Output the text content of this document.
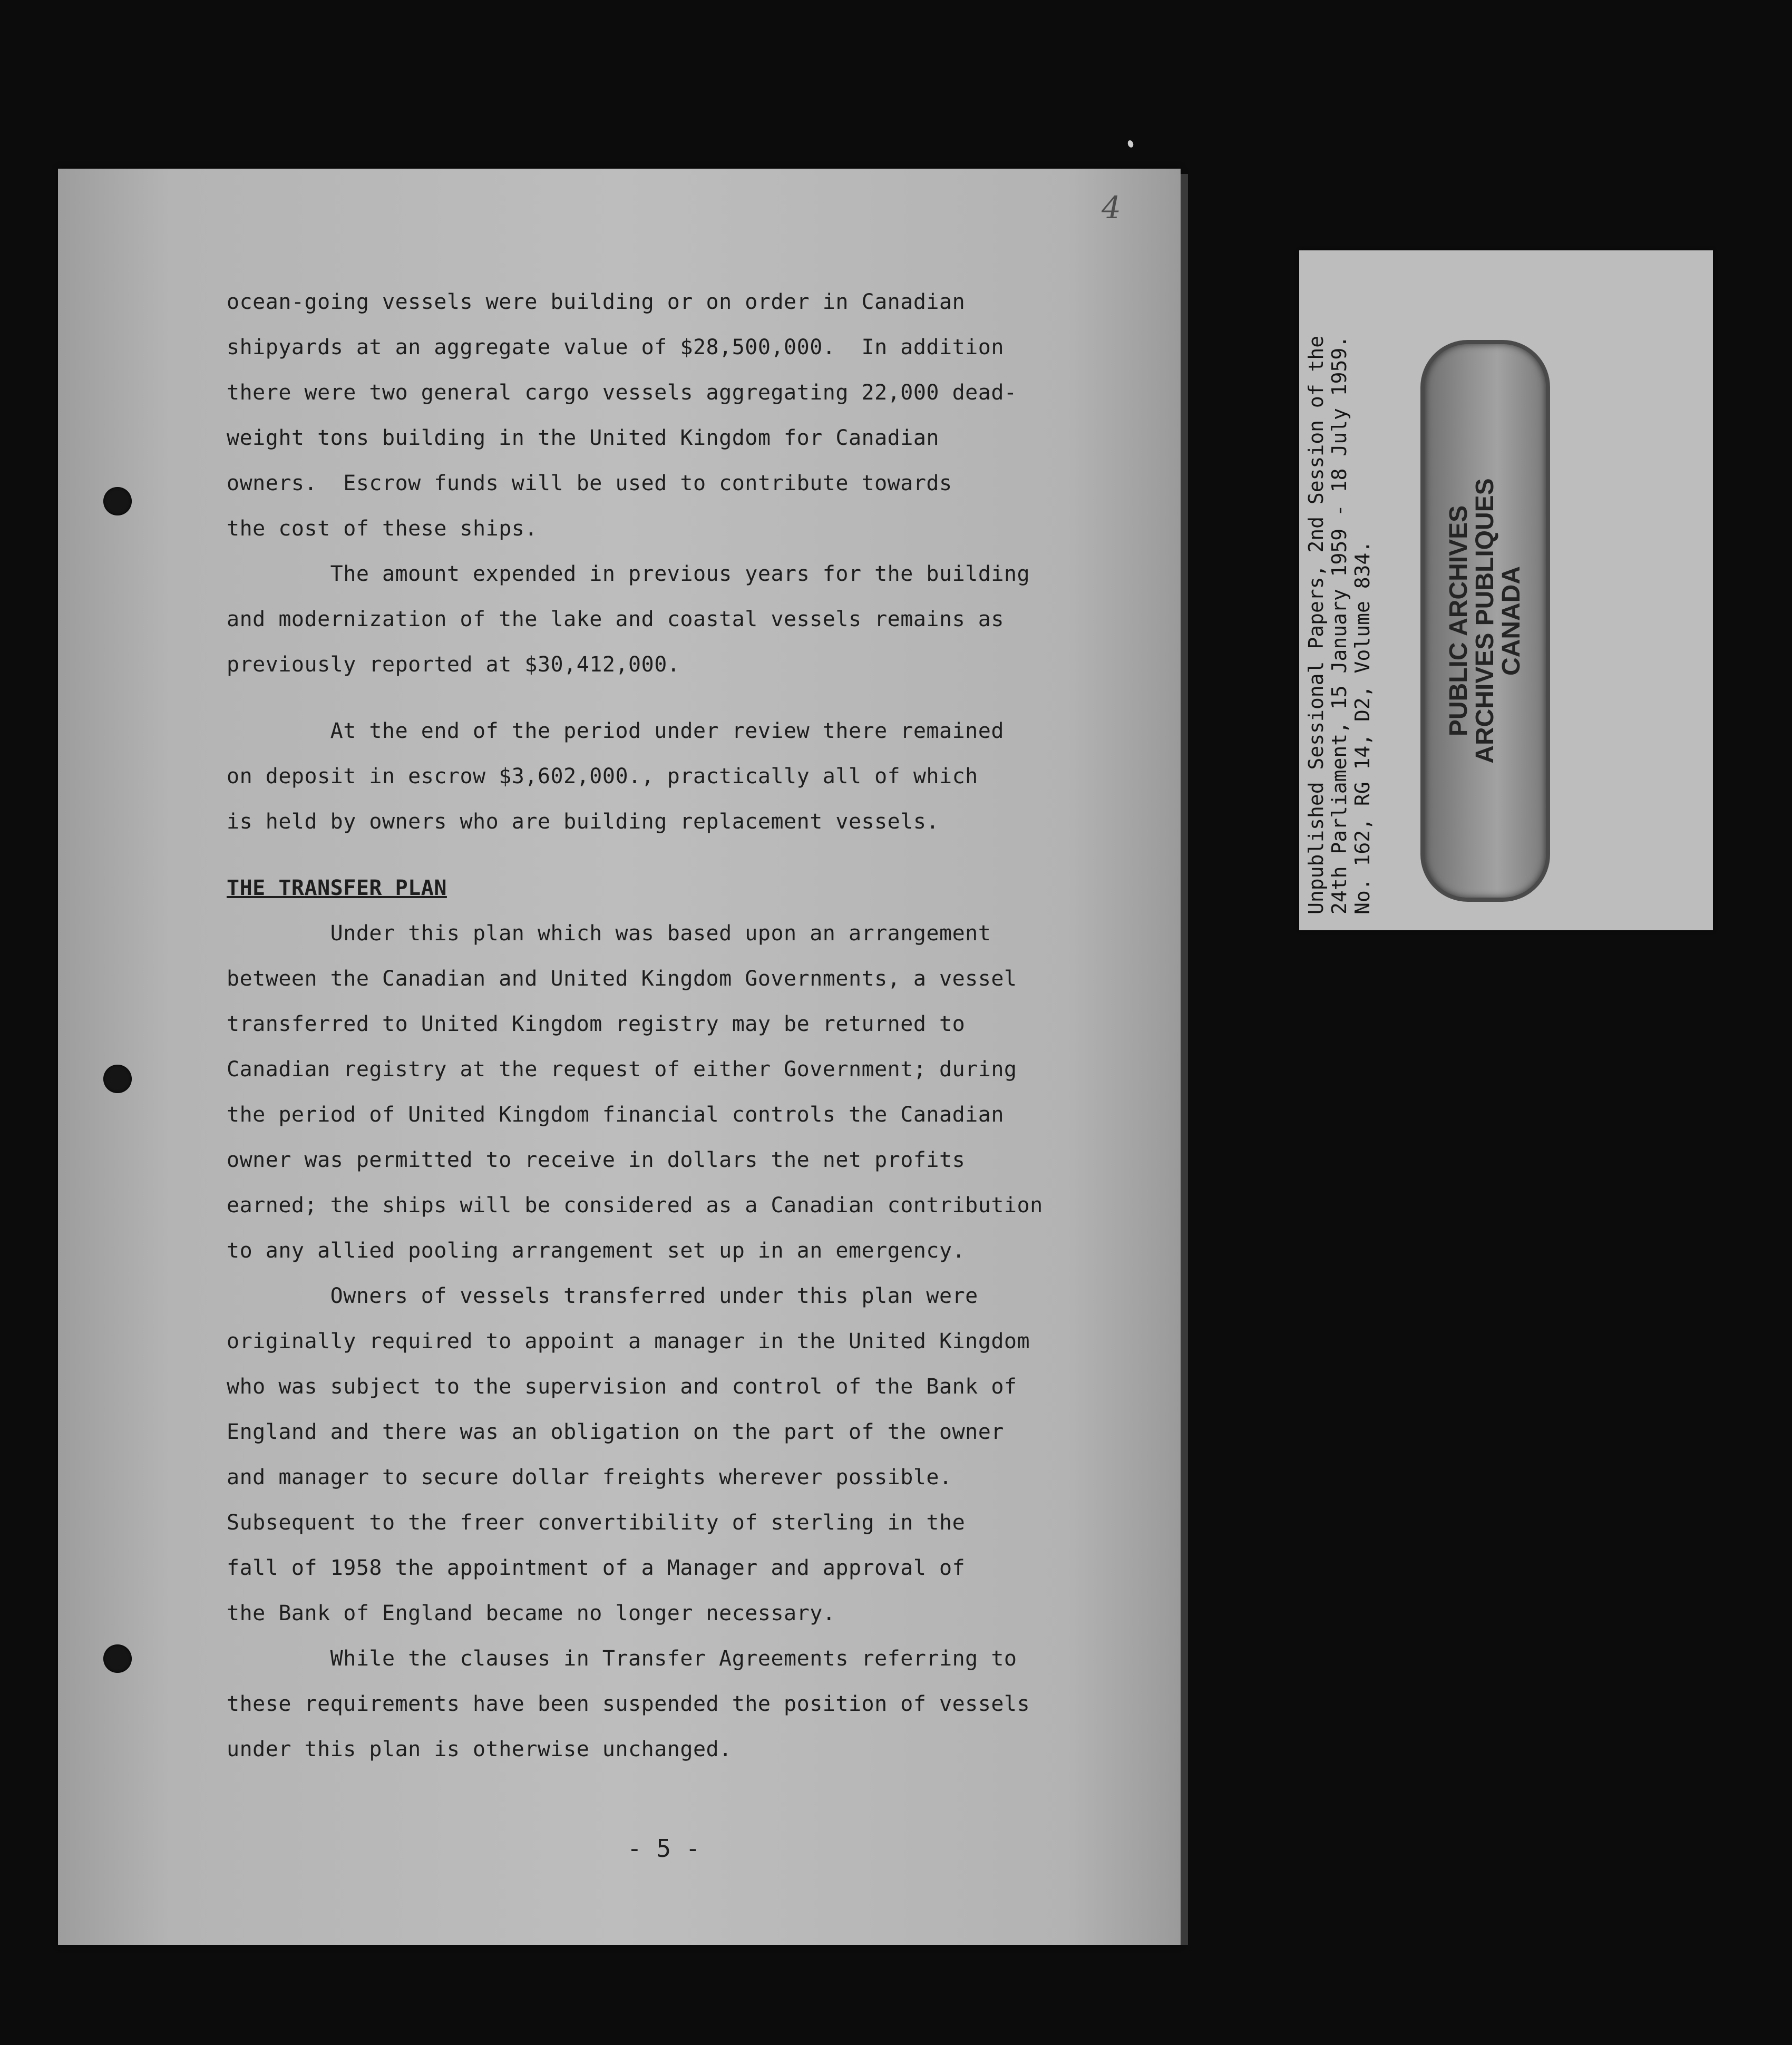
4
ocean-going vessels were building or on order in Canadian
shipyards at an aggregate value of $28,500,000.  In addition
there were two general cargo vessels aggregating 22,000 dead-
weight tons building in the United Kingdom for Canadian
owners.  Escrow funds will be used to contribute towards
the cost of these ships.
The amount expended in previous years for the building
and modernization of the lake and coastal vessels remains as
previously reported at $30,412,000.
At the end of the period under review there remained
on deposit in escrow $3,602,000., practically all of which
is held by owners who are building replacement vessels.
THE TRANSFER PLAN
Under this plan which was based upon an arrangement
between the Canadian and United Kingdom Governments, a vessel
transferred to United Kingdom registry may be returned to
Canadian registry at the request of either Government; during
the period of United Kingdom financial controls the Canadian
owner was permitted to receive in dollars the net profits
earned; the ships will be considered as a Canadian contribution
to any allied pooling arrangement set up in an emergency.
Owners of vessels transferred under this plan were
originally required to appoint a manager in the United Kingdom
who was subject to the supervision and control of the Bank of
England and there was an obligation on the part of the owner
and manager to secure dollar freights wherever possible.
Subsequent to the freer convertibility of sterling in the
fall of 1958 the appointment of a Manager and approval of
the Bank of England became no longer necessary.
While the clauses in Transfer Agreements referring to
these requirements have been suspended the position of vessels
under this plan is otherwise unchanged.
- 5 -
Unpublished Sessional Papers, 2nd Session of the 24th Parliament, 15 January 1959 - 18 July 1959. No. 162, RG 14, D2, Volume 834.	PUBLIC ARCHIVES
ARCHIVES PUBLIQUES
CANADA
